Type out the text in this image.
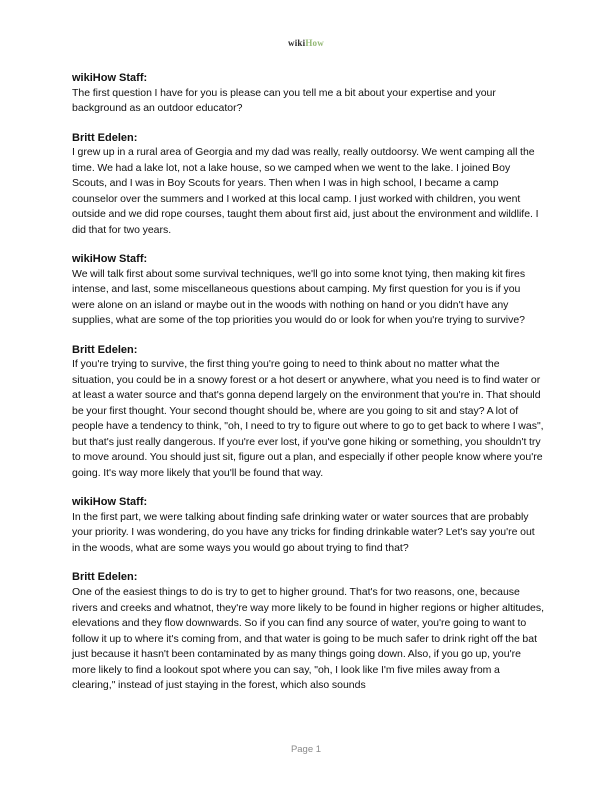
wikiHow

wikiHow Staff:

The first question I have for you is please can you tell me a bit about your expertise and your background as an outdoor educator?

Britt Edelen:

I grew up in a rural area of Georgia and my dad was really, really outdoorsy. We went camping all the time. We had a lake lot, not a lake house, so we camped when we went to the lake. I joined Boy Scouts, and I was in Boy Scouts for years. Then when I was in high school, I became a camp counselor over the summers and I worked at this local camp. I just worked with children, you went outside and we did rope courses, taught them about first aid, just about the environment and wildlife. I did that for two years.

wikiHow Staff:

We will talk first about some survival techniques, we'll go into some knot tying, then making kit fires intense, and last, some miscellaneous questions about camping. My first question for you is if you were alone on an island or maybe out in the woods with nothing on hand or you didn't have any supplies, what are some of the top priorities you would do or look for when you're trying to survive?

Britt Edelen:

If you're trying to survive, the first thing you're going to need to think about no matter what the situation, you could be in a snowy forest or a hot desert or anywhere, what you need is to find water or at least a water source and that's gonna depend largely on the environment that you're in. That should be your first thought. Your second thought should be, where are you going to sit and stay? A lot of people have a tendency to think, "oh, I need to try to figure out where to go to get back to where I was", but that's just really dangerous. If you're ever lost, if you've gone hiking or something, you shouldn't try to move around. You should just sit, figure out a plan, and especially if other people know where you're going. It's way more likely that you'll be found that way.

wikiHow Staff:

In the first part, we were talking about finding safe drinking water or water sources that are probably your priority. I was wondering, do you have any tricks for finding drinkable water? Let's say you're out in the woods, what are some ways you would go about trying to find that?

Britt Edelen:

One of the easiest things to do is try to get to higher ground. That's for two reasons, one, because rivers and creeks and whatnot, they're way more likely to be found in higher regions or higher altitudes, elevations and they flow downwards. So if you can find any source of water, you're going to want to follow it up to where it's coming from, and that water is going to be much safer to drink right off the bat just because it hasn't been contaminated by as many things going down. Also, if you go up, you're more likely to find a lookout spot where you can say, "oh, I look like I'm five miles away from a clearing," instead of just staying in the forest, which also sounds

Page 1
